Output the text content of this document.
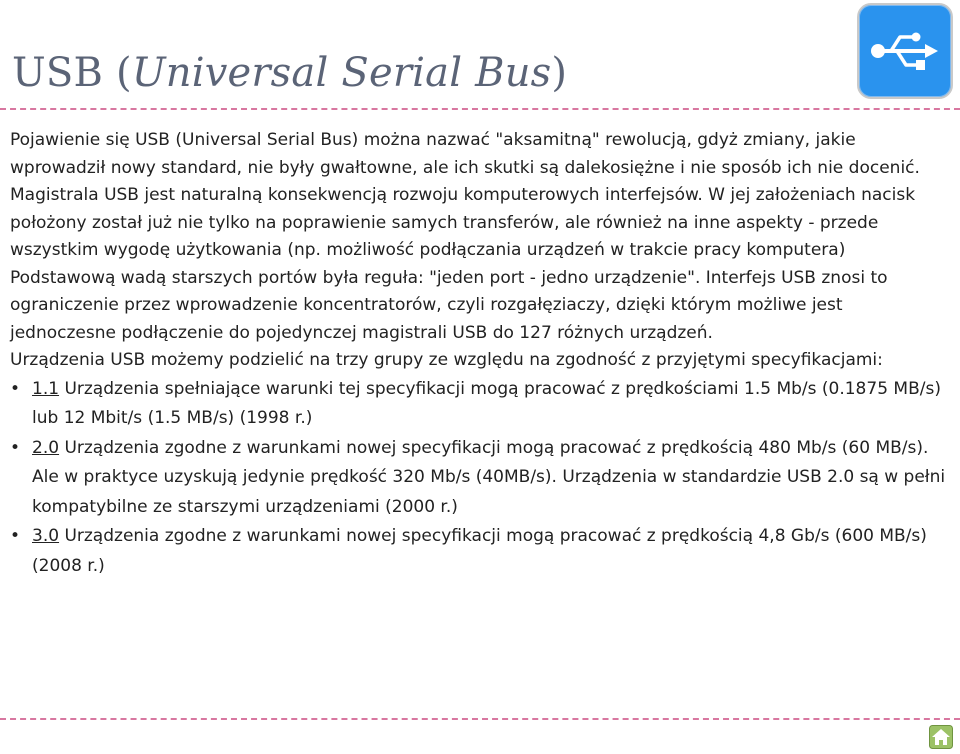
USB (Universal Serial Bus)

Pojawienie się USB (Universal Serial Bus) można nazwać "aksamitną" rewolucją, gdyż zmiany, jakie wprowadził nowy standard, nie były gwałtowne, ale ich skutki są dalekosiężne i nie sposób ich nie docenić. Magistrala USB jest naturalną konsekwencją rozwoju komputerowych interfejsów. W jej założeniach nacisk położony został już nie tylko na poprawienie samych transferów, ale również na inne aspekty - przede wszystkim wygodę użytkowania (np. możliwość podłączania urządzeń w trakcie pracy komputera) Podstawową wadą starszych portów była reguła: "jeden port - jedno urządzenie". Interfejs USB znosi to ograniczenie przez wprowadzenie koncentratorów, czyli rozgałęziaczy, dzięki którym możliwe jest jednoczesne podłączenie do pojedynczej magistrali USB do 127 różnych urządzeń.

Urządzenia USB możemy podzielić na trzy grupy ze względu na zgodność z przyjętymi specyfikacjami:

• 1.1 Urządzenia spełniające warunki tej specyfikacji mogą pracować z prędkościami 1.5 Mb/s (0.1875 MB/s) lub 12 Mbit/s (1.5 MB/s) (1998 r.)
• 2.0 Urządzenia zgodne z warunkami nowej specyfikacji mogą pracować z prędkością 480 Mb/s (60 MB/s). Ale w praktyce uzyskują jedynie prędkość 320 Mb/s (40MB/s). Urządzenia w standardzie USB 2.0 są w pełni kompatybilne ze starszymi urządzeniami (2000 r.)
• 3.0 Urządzenia zgodne z warunkami nowej specyfikacji mogą pracować z prędkością 4,8 Gb/s (600 MB/s) (2008 r.)
